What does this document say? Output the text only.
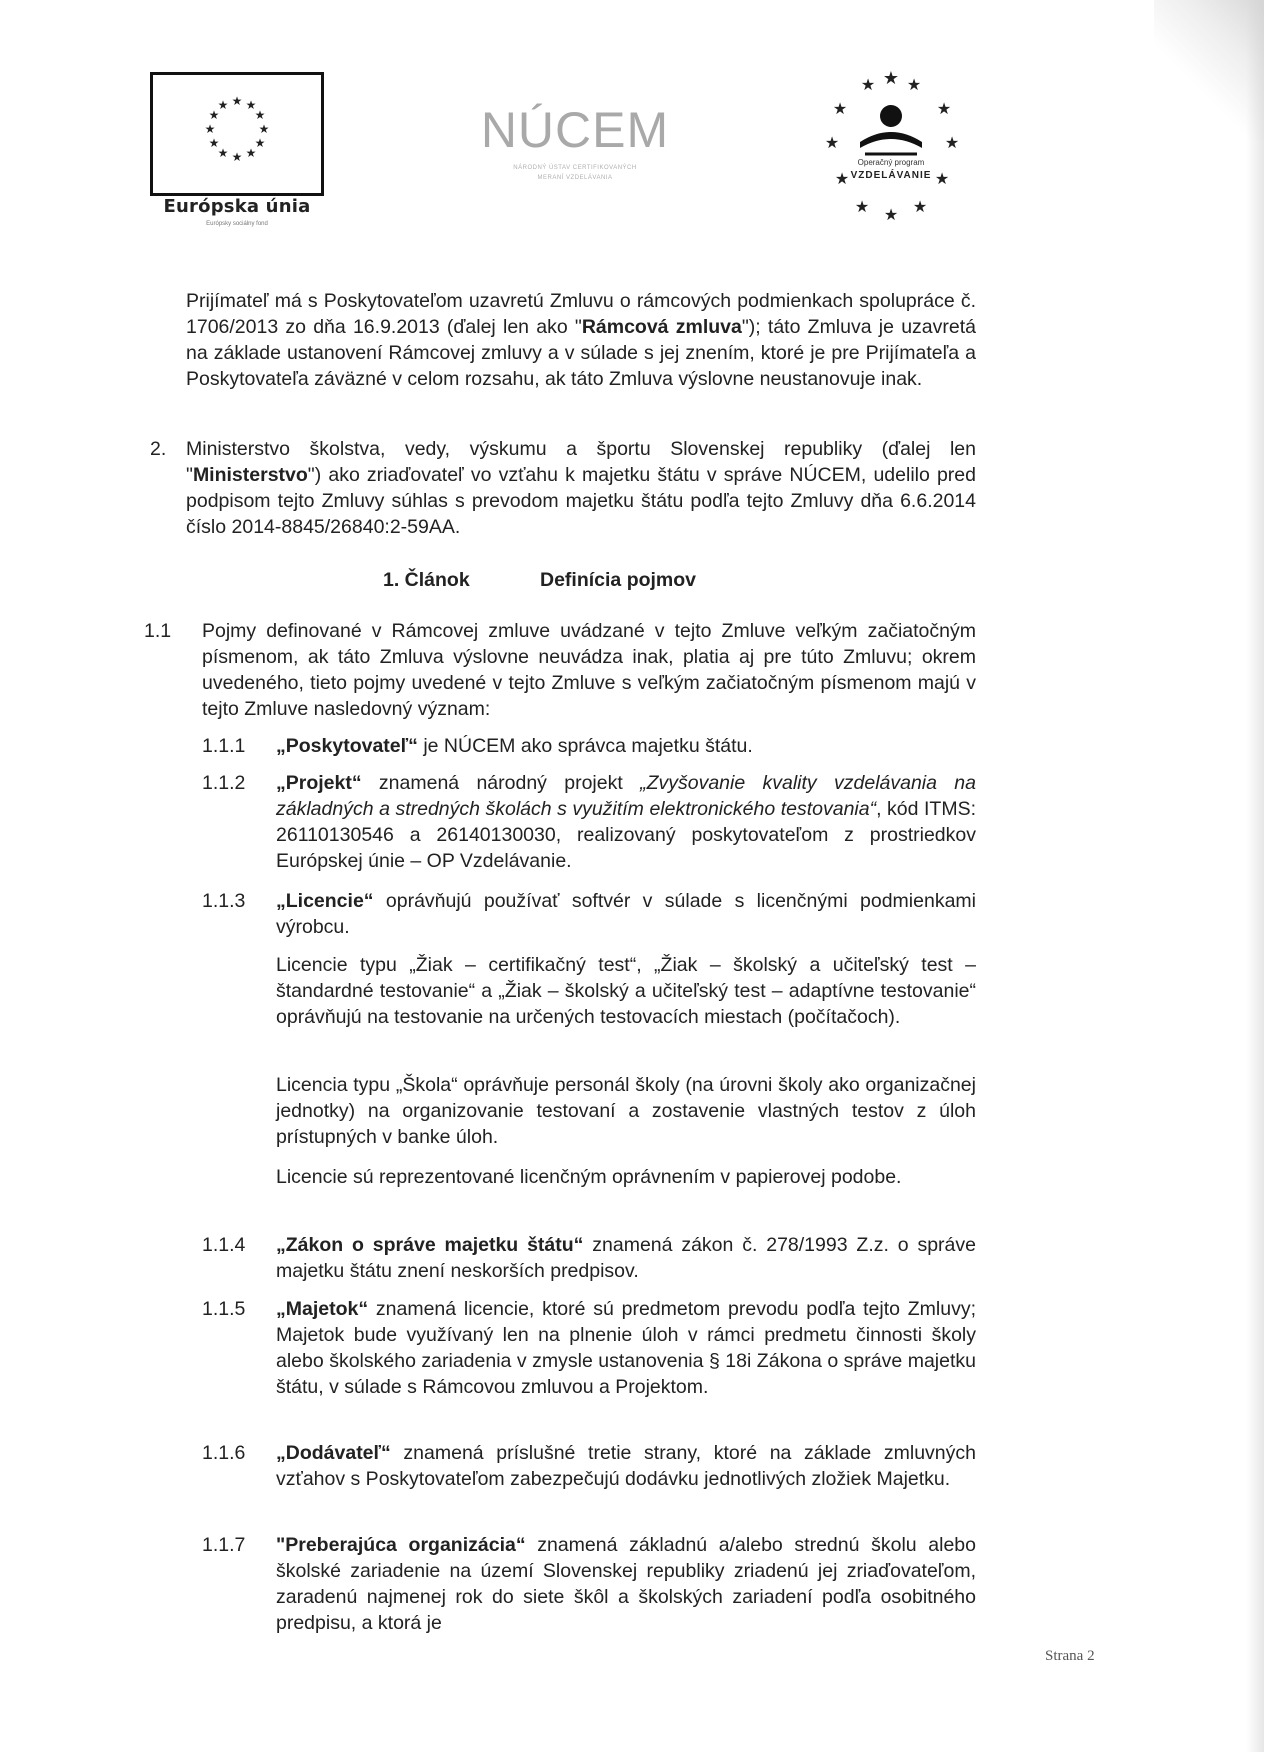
★ ★
★
★
★
★
★
★
★
★
★
★
Európska únia
Európsky sociálny fond
NÚCEM
NÁRODNÝ ÚSTAV CERTIFIKOVANÝCH
MERANÍ VZDELÁVANIA
★ ★ ★
★	★
★	★
★	★
★ ★ ★
Operačný program
VZDELÁVANIE
Prijímateľ má s Poskytovateľom uzavretú Zmluvu o rámcových podmienkach spolupráce č. 1706/2013 zo dňa 16.9.2013 (ďalej len ako "Rámcová zmluva"); táto Zmluva je uzavretá na základe ustanovení Rámcovej zmluvy a v súlade s jej znením, ktoré je pre Prijímateľa a Poskytovateľa záväzné v celom rozsahu, ak táto Zmluva výslovne neustanovuje inak.
2. Ministerstvo školstva, vedy, výskumu a športu Slovenskej republiky (ďalej len "Ministerstvo") ako zriaďovateľ vo vzťahu k majetku štátu v správe NÚCEM, udelilo pred podpisom tejto Zmluvy súhlas s prevodom majetku štátu podľa tejto Zmluvy dňa 6.6.2014 číslo 2014-8845/26840:2-59AA.
1. Článok	Definícia pojmov
1.1 Pojmy definované v Rámcovej zmluve uvádzané v tejto Zmluve veľkým začiatočným písmenom, ak táto Zmluva výslovne neuvádza inak, platia aj pre túto Zmluvu; okrem uvedeného, tieto pojmy uvedené v tejto Zmluve s veľkým začiatočným písmenom majú v tejto Zmluve nasledovný význam:
1.1.1 „Poskytovateľ“ je NÚCEM ako správca majetku štátu.
1.1.2 „Projekt“ znamená národný projekt „Zvyšovanie kvality vzdelávania na základných a stredných školách s využitím elektronického testovania“, kód ITMS: 26110130546 a 26140130030, realizovaný poskytovateľom z prostriedkov Európskej únie – OP Vzdelávanie.
1.1.3 „Licencie“ oprávňujú používať softvér v súlade s licenčnými podmienkami výrobcu.
Licencie typu „Žiak – certifikačný test“, „Žiak – školský a učiteľský test – štandardné testovanie“ a „Žiak – školský a učiteľský test – adaptívne testovanie“ oprávňujú na testovanie na určených testovacích miestach (počítačoch).
Licencia typu „Škola“ oprávňuje personál školy (na úrovni školy ako organizačnej jednotky) na organizovanie testovaní a zostavenie vlastných testov z úloh prístupných v banke úloh.
Licencie sú reprezentované licenčným oprávnením v papierovej podobe.
1.1.4 „Zákon o správe majetku štátu“ znamená zákon č. 278/1993 Z.z. o správe majetku štátu znení neskorších predpisov.
1.1.5 „Majetok“ znamená licencie, ktoré sú predmetom prevodu podľa tejto Zmluvy; Majetok bude využívaný len na plnenie úloh v rámci predmetu činnosti školy alebo školského zariadenia v zmysle ustanovenia § 18i Zákona o správe majetku štátu, v súlade s Rámcovou zmluvou a Projektom.
1.1.6 „Dodávateľ“ znamená príslušné tretie strany, ktoré na základe zmluvných vzťahov s Poskytovateľom zabezpečujú dodávku jednotlivých zložiek Majetku.
1.1.7 "Preberajúca organizácia“ znamená základnú a/alebo strednú školu alebo školské zariadenie na území Slovenskej republiky zriadenú jej zriaďovateľom, zaradenú najmenej rok do siete škôl a školských zariadení podľa osobitného predpisu, a ktorá je
Strana 2
